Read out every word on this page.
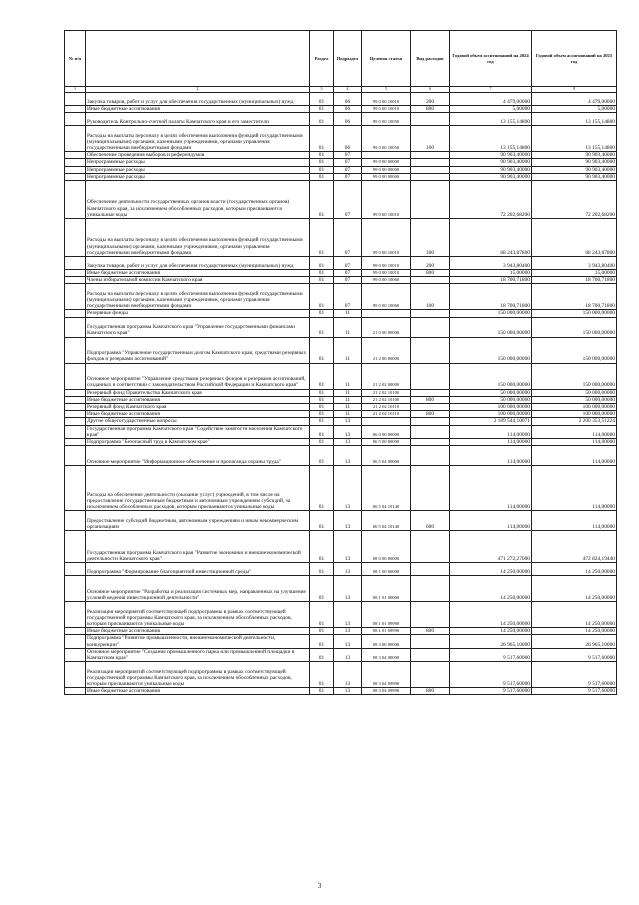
№ п/п		Раздел	Подраздел	Целевая статья	Вид расходов	Годовой объем ассигнований на 2024 год	Годовой объем ассигнований на 2025 год
1	2	3	4	5	6	7	8
	Закупка товаров, работ и услуг для обеспечения государственных (муниципальных) нужд	01	06	99 0 00 10010	200	4 479,00000	4 479,00000
	Иные бюджетные ассигнования	01	06	99 0 00 10010	800	5,00000	5,00000
	Руководитель Контрольно-счетной палаты Камчатского края и его заместители	01	06	99 0 00 10050		13 155,14800	13 155,14800
	Расходы на выплаты персоналу в целях обеспечения выполнения функций государственными (муниципальными) органами, казенными учреждениями, органами управления государственными внебюджетными фондами	01	06	99 0 00 10050	100	13 155,14800	13 155,14800
	Обеспечение проведения выборов и референдумов	01	07			90 903,40000	90 903,40000
	Непрограммные расходы	01	07	99 0 00 00000		90 903,40000	90 903,40000
	Непрограммные расходы	01	07	99 0 00 00000		90 903,40000	90 903,40000
	Непрограммные расходы	01	07	99 0 00 00000		90 903,40000	90 903,40000
	Обеспечение деятельности государственных органов власти (государственных органов) Камчатского края, за исключением обособленных расходов, которым присваиваются уникальные коды	01	07	99 0 00 10010		72 202,68200	72 202,68200
	Расходы на выплаты персоналу в целях обеспечения выполнения функций государственными (муниципальными) органами, казенными учреждениями, органами управления государственными внебюджетными фондами	01	07	99 0 00 10010	100	68 243,87800	68 243,87800
	Закупка товаров, работ и услуг для обеспечения государственных (муниципальных) нужд	01	07	99 0 00 10010	200	3 943,80400	3 943,80400
	Иные бюджетные ассигнования	01	07	99 0 00 10010	800	15,00000	15,00000
	Члены избирательной комиссии Камчатского края	01	07	99 0 00 10060		18 700,71800	18 700,71800
	Расходы на выплаты персоналу в целях обеспечения выполнения функций государственными (муниципальными) органами, казенными учреждениями, органами управления государственными внебюджетными фондами	01	07	99 0 00 10060	100	18 700,71800	18 700,71800
	Резервные фонды	01	11			150 000,00000	150 000,00000
	Государственная программа Камчатского края "Управление государственными финансами Камчатского края"	01	11	21 0 00 00000		150 000,00000	150 000,00000
	Подпрограмма "Управление государственным долгом Камчатского края, средствами резервных фондов и резервами ассигнований"	01	11	21 2 00 00000		150 000,00000	150 000,00000
	Основное мероприятие "Управление средствами резервных фондов и резервами ассигнований, созданных в соответствии с законодательством Российской Федерации и Камчатского края"	01	11	21 2 02 00000		150 000,00000	150 000,00000
	Резервный фонд Правительства Камчатского края	01	11	21 2 02 10100		50 000,00000	50 000,00000
	Иные бюджетные ассигнования	01	11	21 2 02 10100	800	50 000,00000	50 000,00000
	Резервный фонд Камчатского края	01	11	21 2 02 10110		100 000,00000	100 000,00000
	Иные бюджетные ассигнования	01	11	21 2 02 10110	800	100 000,00000	100 000,00000
	Другие общегосударственные вопросы	01	13			2 189 544,10071	2 200 353,51224
	Государственная программа Камчатского края "Содействие занятости населения Камчатского края"	01	13	06 0 00 00000		114,00000	114,00000
	Подпрограмма "Безопасный труд в Камчатском крае"	01	13	06 5 00 00000		114,00000	114,00000
	Основное мероприятие "Информационное обеспечение и пропаганда охраны труда"	01	13	06 5 04 00000		114,00000	114,00000
	Расходы на обеспечение деятельности (оказание услуг) учреждений, в том числе на предоставление государственным бюджетным и автономным учреждениям субсидий, за исключением обособленных расходов, которым присваиваются уникальные коды	01	13	06 5 04 10140		114,00000	114,00000
	Предоставление субсидий бюджетным, автономным учреждениям и иным некоммерческим организациям	01	13	06 5 04 10140	600	114,00000	114,00000
	Государственная программа Камчатского края "Развитие экономики и внешнеэкономической деятельности Камчатского края"	01	13	08 0 00 00000		471 272,27000	472 824,19440
	Подпрограмма "Формирование благоприятной инвестиционной среды"	01	13	08 1 00 00000		14 250,00000	14 250,00000
	Основное мероприятие "Разработка и реализация системных мер, направленных на улучшение условий ведения инвестиционной деятельности"	01	13	08 1 01 00000		14 250,00000	14 250,00000
	Реализация мероприятий соответствующей подпрограммы в рамках соответствующей государственной программы Камчатского края, за исключением обособленных расходов, которым присваиваются уникальные коды	01	13	08 1 01 09990		14 250,00000	14 250,00000
	Иные бюджетные ассигнования	01	13	08 1 01 09990	800	14 250,00000	14 250,00000
	Подпрограмма "Развитие промышленности, внешнеэкономической деятельности, конкуренции"	01	13	08 3 00 00000		26 965,10000	26 965,10000
	Основное мероприятие "Создание промышленного парка или промышленной площадки в Камчатском крае"	01	13	08 3 04 00000		9 517,60000	9 517,60000
	Реализация мероприятий соответствующей подпрограммы в рамках соответствующей государственной программы Камчатского края, за исключением обособленных расходов, которым присваиваются уникальные коды	01	13	08 3 04 09990		9 517,60000	9 517,60000
	Иные бюджетные ассигнования	01	13	08 3 04 09990	800	9 517,60000	9 517,60000
3
